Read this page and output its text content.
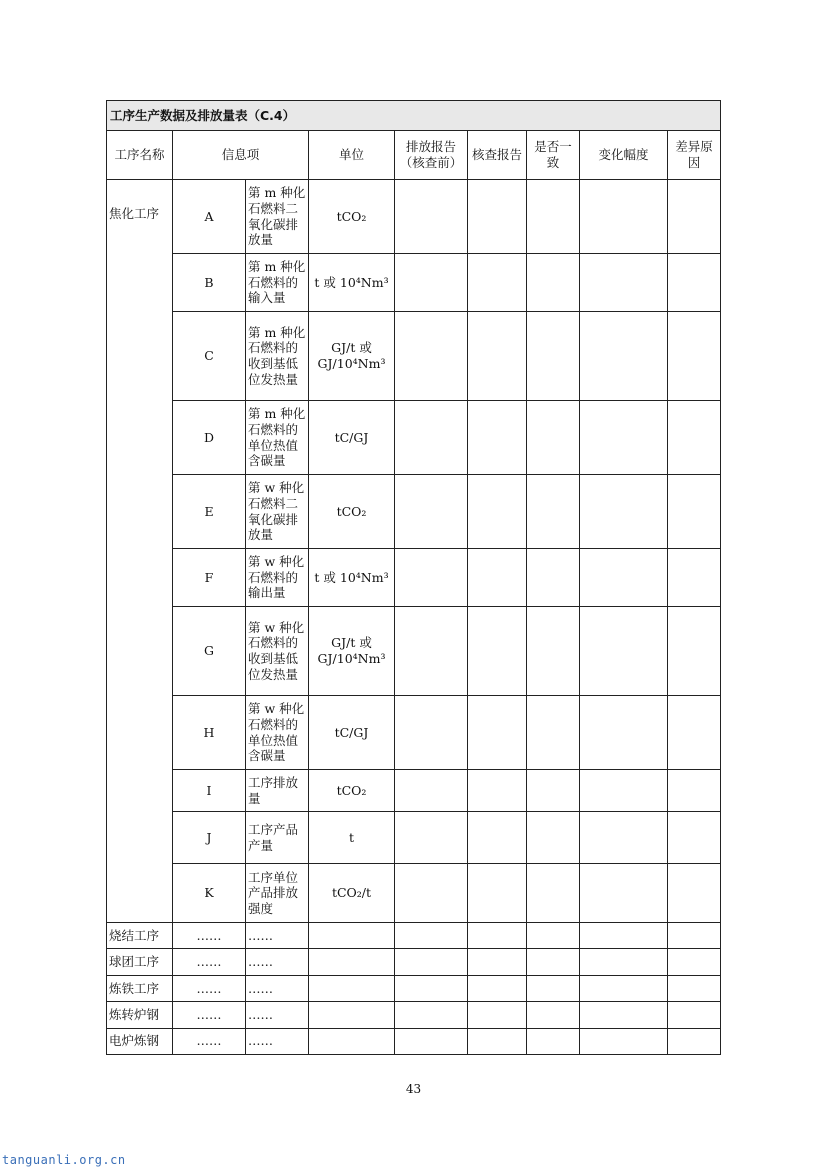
工序生产数据及排放量表（C.4）								
工序名称	信息项		单位	排放报告（核查前）	核查报告	是否一致	变化幅度	差异原因
焦化工序	A	第 m 种化石燃料二氧化碳排放量	tCO₂					
	B	第 m 种化石燃料的输入量	t 或 10⁴Nm³					
	C	第 m 种化石燃料的收到基低位发热量	GJ/t 或 GJ/10⁴Nm³					
	D	第 m 种化石燃料的单位热值含碳量	tC/GJ					
	E	第 w 种化石燃料二氧化碳排放量	tCO₂					
	F	第 w 种化石燃料的输出量	t 或 10⁴Nm³					
	G	第 w 种化石燃料的收到基低位发热量	GJ/t 或 GJ/10⁴Nm³					
	H	第 w 种化石燃料的单位热值含碳量	tC/GJ					
	I	工序排放量	tCO₂					
	J	工序产品产量	t					
	K	工序单位产品排放强度	tCO₂/t					
烧结工序	……	……						
球团工序	……	……						
炼铁工序	……	……						
炼转炉钢	……	……						
电炉炼钢	……	……						
43
tanguanli.org.cn
